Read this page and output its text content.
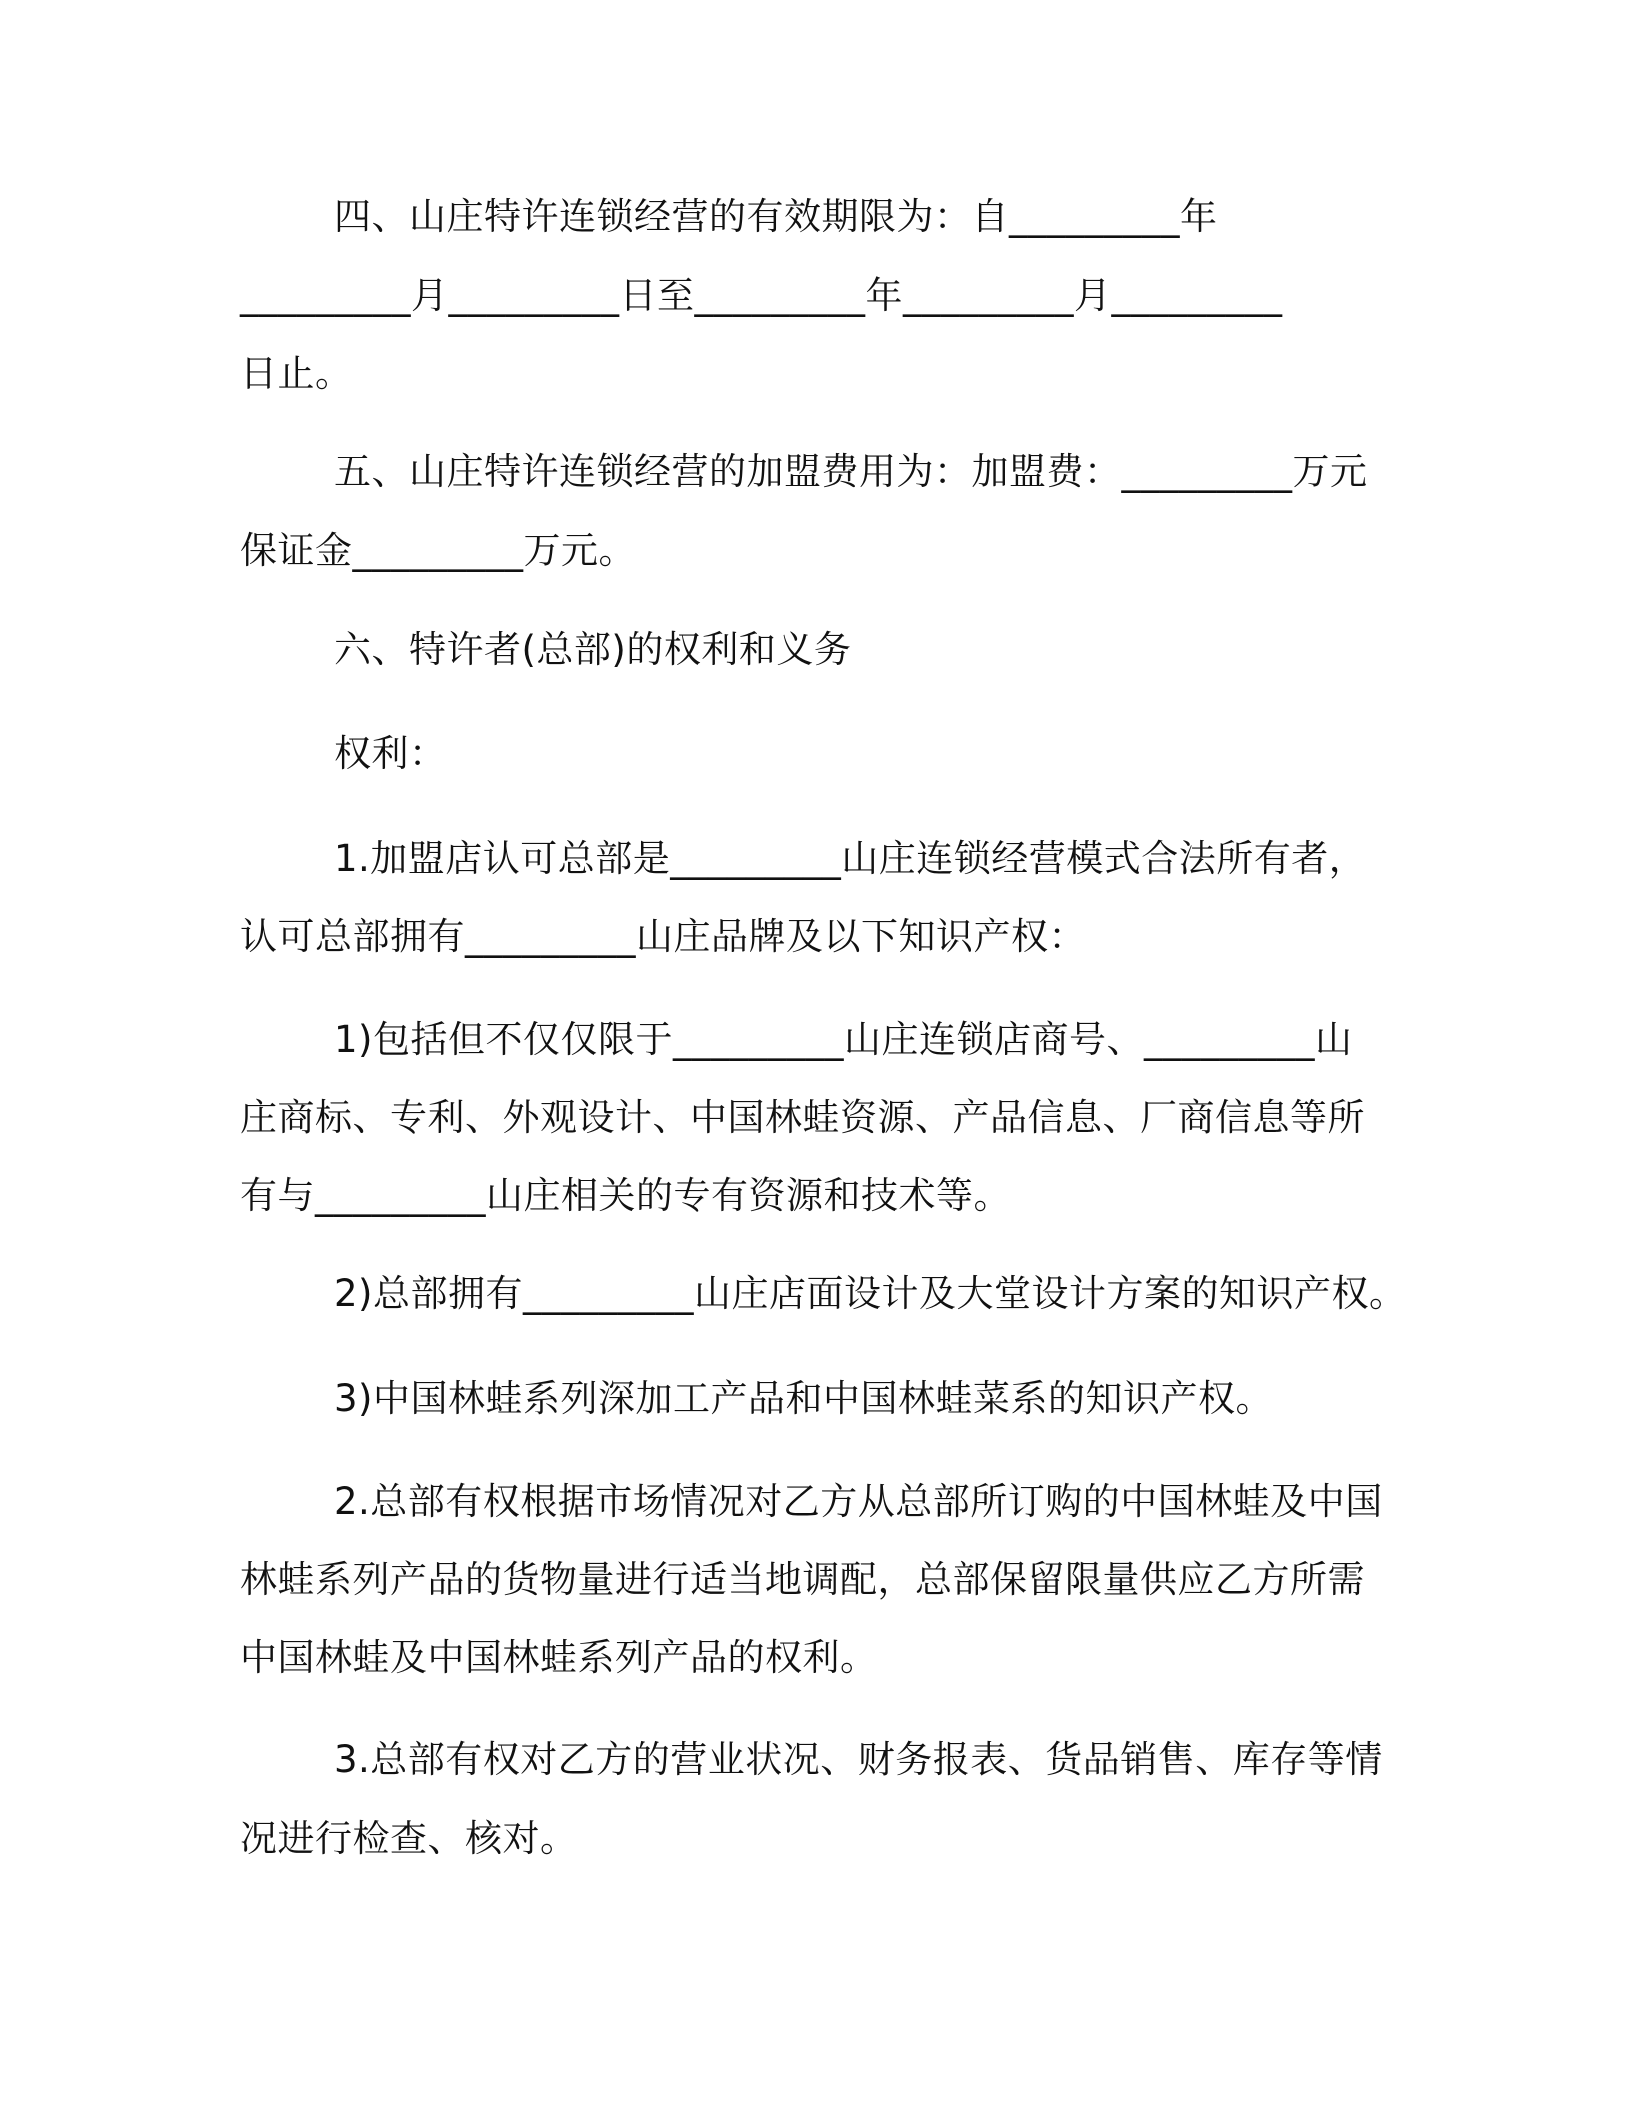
四、山庄特许连锁经营的有效期限为：自_________年
_________月_________日至_________年_________月_________
日止。
五、山庄特许连锁经营的加盟费用为：加盟费：_________万元
保证金_________万元。
六、特许者(总部)的权利和义务
权利：
1.加盟店认可总部是_________山庄连锁经营模式合法所有者，
认可总部拥有_________山庄品牌及以下知识产权：
1)包括但不仅仅限于_________山庄连锁店商号、_________山
庄商标、专利、外观设计、中国林蛙资源、产品信息、厂商信息等所
有与_________山庄相关的专有资源和技术等。
2)总部拥有_________山庄店面设计及大堂设计方案的知识产权。
3)中国林蛙系列深加工产品和中国林蛙菜系的知识产权。
2.总部有权根据市场情况对乙方从总部所订购的中国林蛙及中国
林蛙系列产品的货物量进行适当地调配，总部保留限量供应乙方所需
中国林蛙及中国林蛙系列产品的权利。
3.总部有权对乙方的营业状况、财务报表、货品销售、库存等情
况进行检查、核对。
